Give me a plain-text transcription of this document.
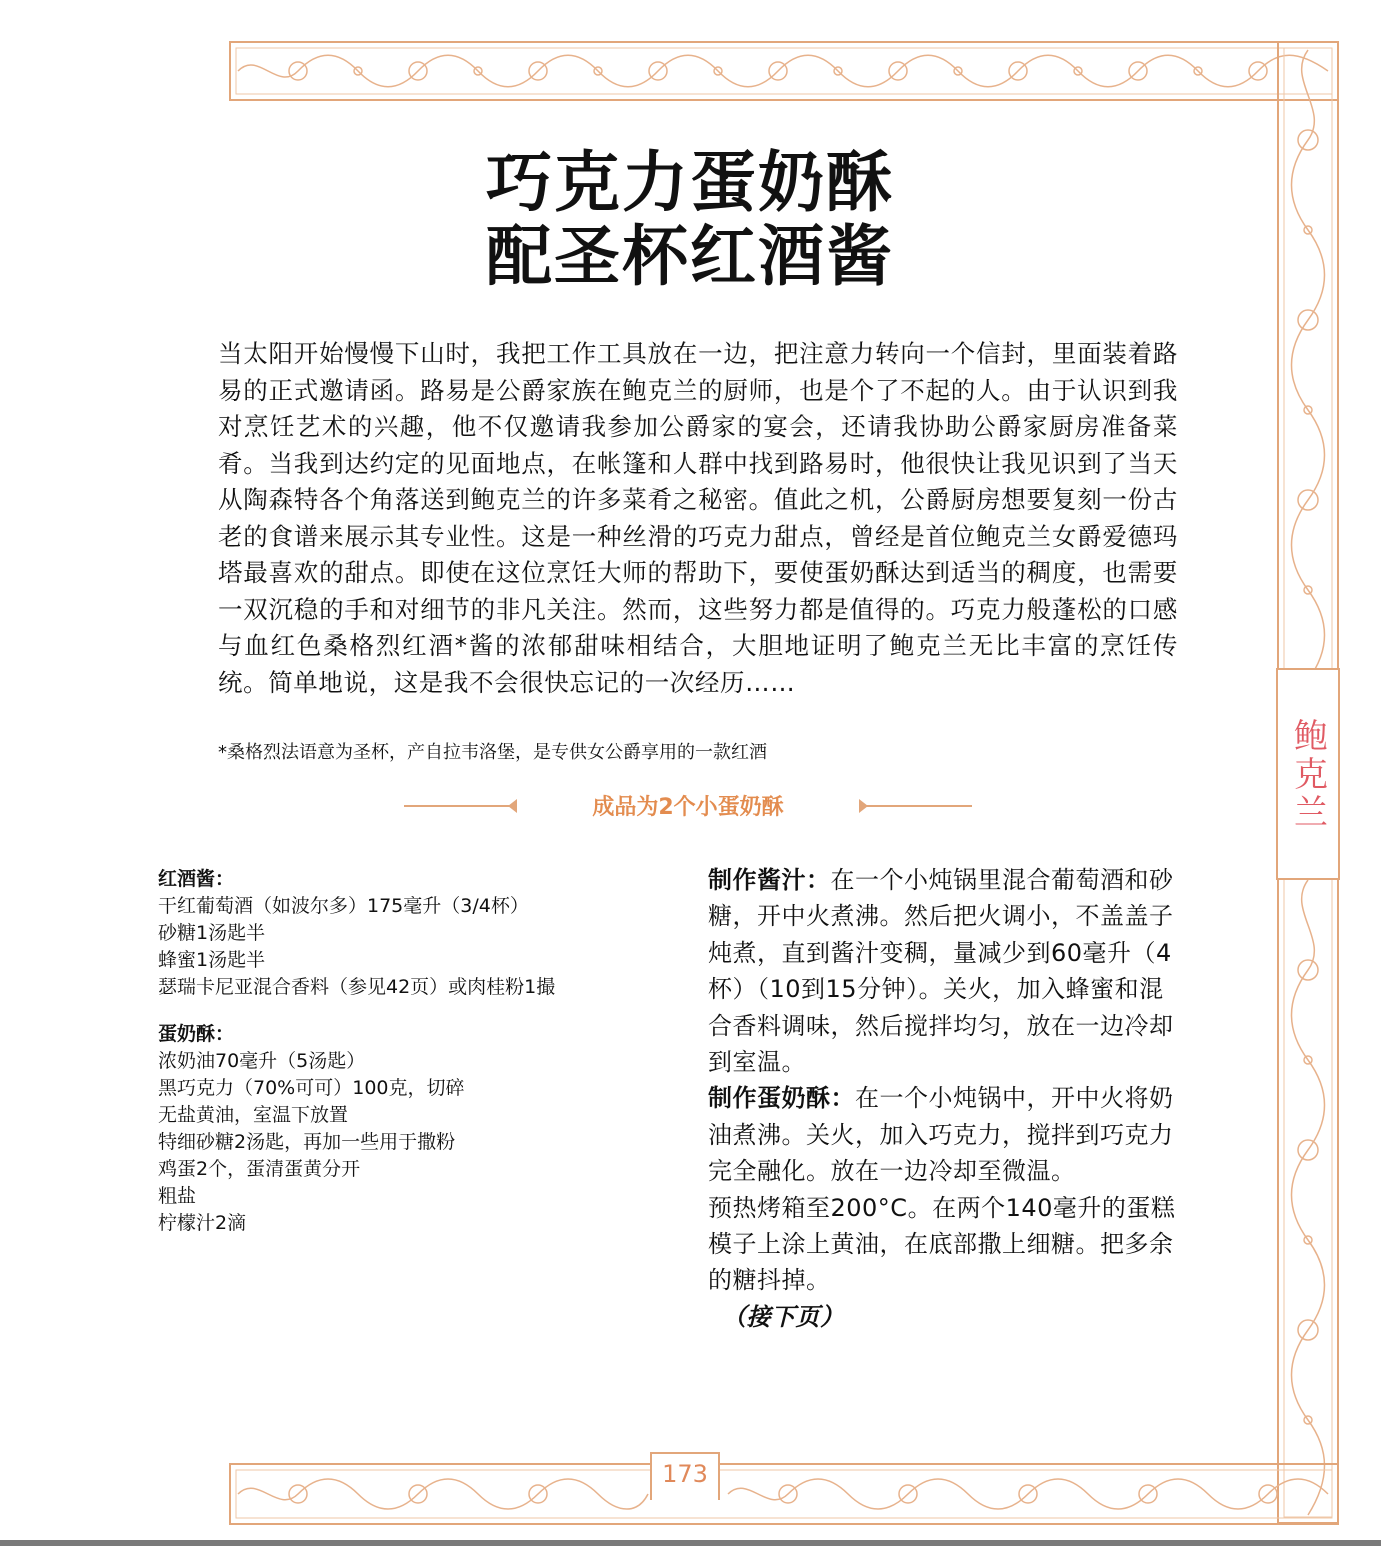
鲍克兰
173
巧克力蛋奶酥
配圣杯红酒酱

当太阳开始慢慢下山时，我把工作工具放在一边，把注意力转向一个信封，里面装着路易的正式邀请函。路易是公爵家族在鲍克兰的厨师，也是个了不起的人。由于认识到我对烹饪艺术的兴趣，他不仅邀请我参加公爵家的宴会，还请我协助公爵家厨房准备菜肴。当我到达约定的见面地点，在帐篷和人群中找到路易时，他很快让我见识到了当天从陶森特各个角落送到鲍克兰的许多菜肴之秘密。值此之机，公爵厨房想要复刻一份古老的食谱来展示其专业性。这是一种丝滑的巧克力甜点，曾经是首位鲍克兰女爵爱德玛塔最喜欢的甜点。即使在这位烹饪大师的帮助下，要使蛋奶酥达到适当的稠度，也需要一双沉稳的手和对细节的非凡关注。然而，这些努力都是值得的。巧克力般蓬松的口感与血红色桑格烈红酒*酱的浓郁甜味相结合，大胆地证明了鲍克兰无比丰富的烹饪传统。简单地说，这是我不会很快忘记的一次经历……

*桑格烈法语意为圣杯，产自拉韦洛堡，是专供女公爵享用的一款红酒

成品为2个小蛋奶酥
红酒酱：
干红葡萄酒（如波尔多）175毫升（3/4杯）
砂糖1汤匙半
蜂蜜1汤匙半
瑟瑞卡尼亚混合香料（参见42页）或肉桂粉1撮
蛋奶酥：
浓奶油70毫升（5汤匙）
黑巧克力（70%可可）100克，切碎
无盐黄油，室温下放置
特细砂糖2汤匙，再加一些用于撒粉
鸡蛋2个，蛋清蛋黄分开
粗盐
柠檬汁2滴

制作酱汁：在一个小炖锅里混合葡萄酒和砂糖，开中火煮沸。然后把火调小，不盖盖子炖煮，直到酱汁变稠，量减少到60毫升（4杯）（10到15分钟）。关火，加入蜂蜜和混合香料调味，然后搅拌均匀，放在一边冷却到室温。

制作蛋奶酥：在一个小炖锅中，开中火将奶油煮沸。关火，加入巧克力，搅拌到巧克力完全融化。放在一边冷却至微温。

预热烤箱至200°C。在两个140毫升的蛋糕模子上涂上黄油，在底部撒上细糖。把多余的糖抖掉。

（接下页）
